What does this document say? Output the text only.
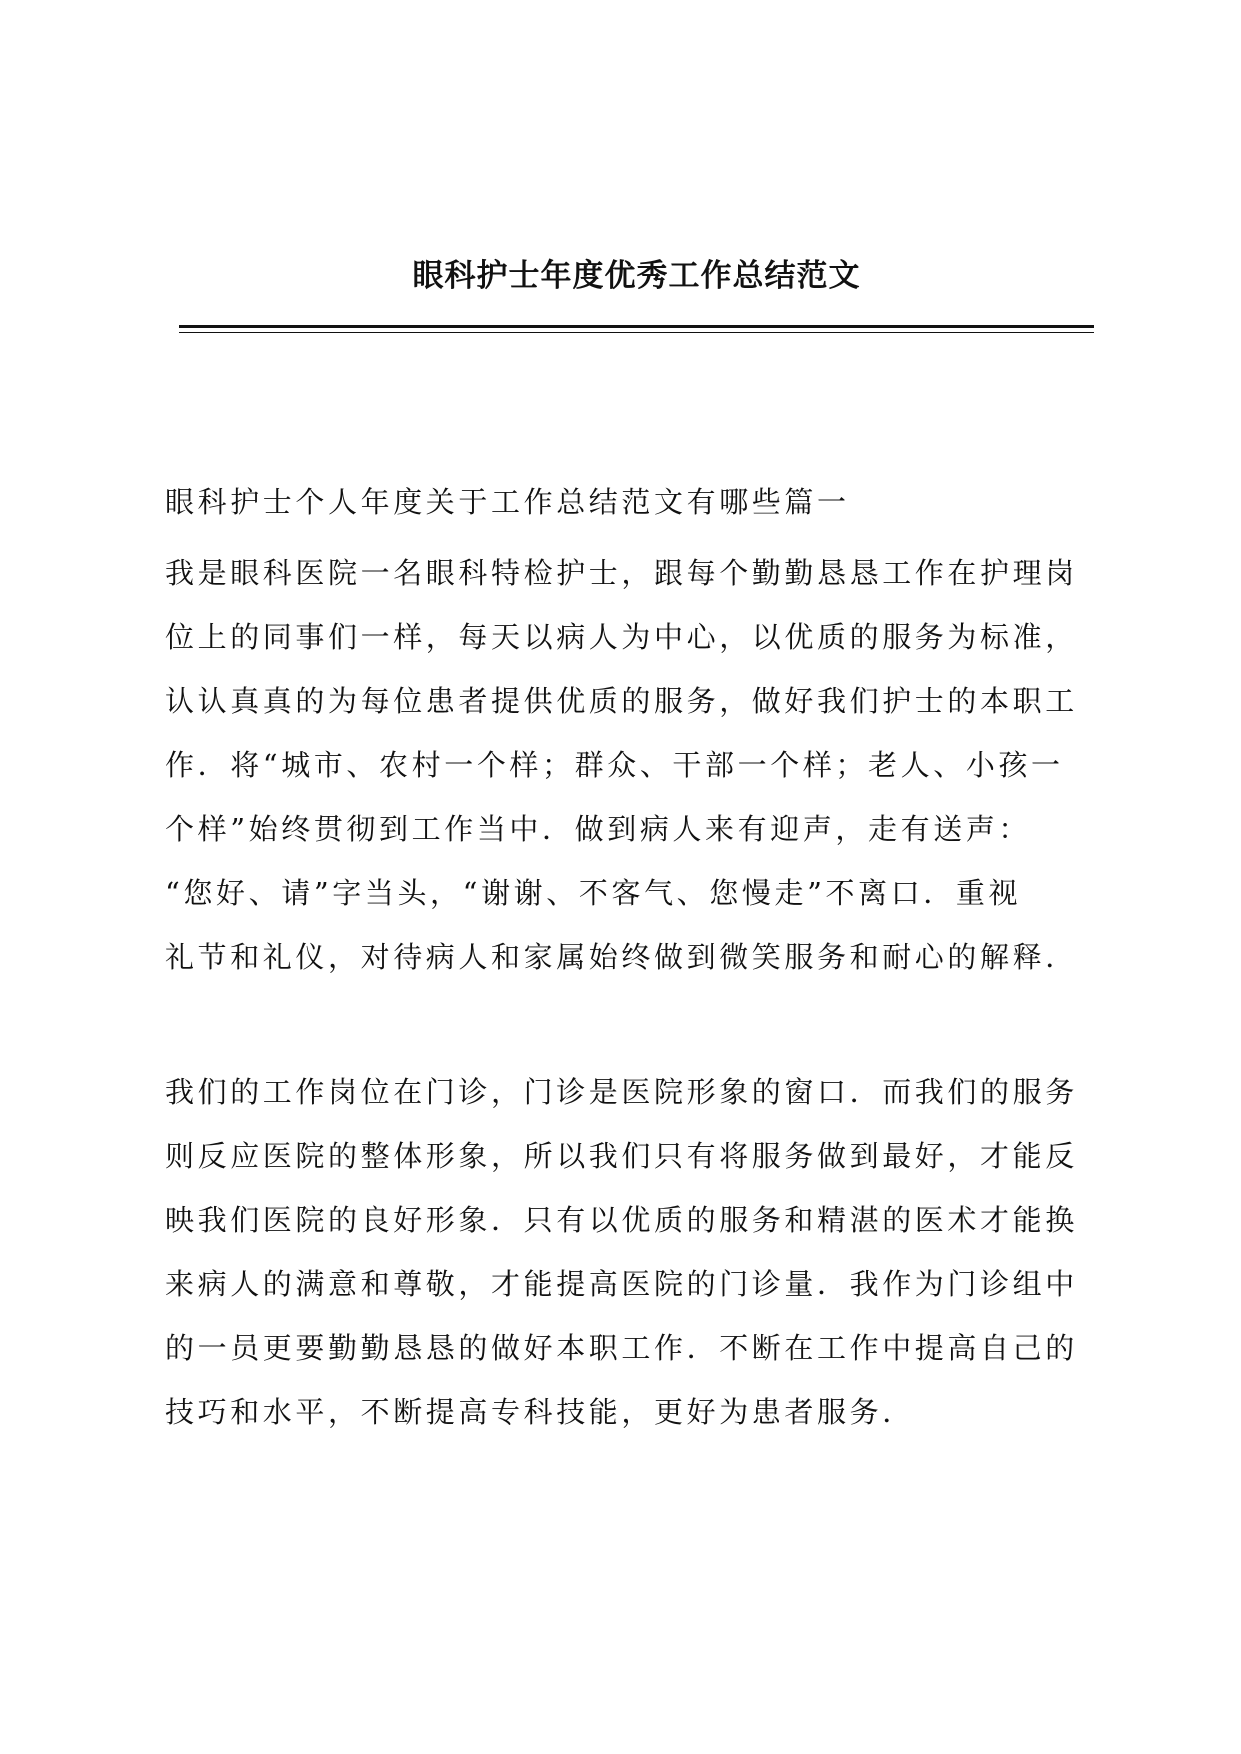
眼科护士年度优秀工作总结范文

眼科护士个人年度关于工作总结范文有哪些篇一

我是眼科医院一名眼科特检护士，跟每个勤勤恳恳工作在护理岗
位上的同事们一样，每天以病人为中心，以优质的服务为标准，
认认真真的为每位患者提供优质的服务，做好我们护士的本职工
作．将“城市、农村一个样；群众、干部一个样；老人、小孩一
个样”始终贯彻到工作当中．做到病人来有迎声，走有送声：
“您好、请”字当头，“谢谢、不客气、您慢走”不离口．重视
礼节和礼仪，对待病人和家属始终做到微笑服务和耐心的解释．

我们的工作岗位在门诊，门诊是医院形象的窗口．而我们的服务
则反应医院的整体形象，所以我们只有将服务做到最好，才能反
映我们医院的良好形象．只有以优质的服务和精湛的医术才能换
来病人的满意和尊敬，才能提高医院的门诊量．我作为门诊组中
的一员更要勤勤恳恳的做好本职工作．不断在工作中提高自己的
技巧和水平，不断提高专科技能，更好为患者服务．
